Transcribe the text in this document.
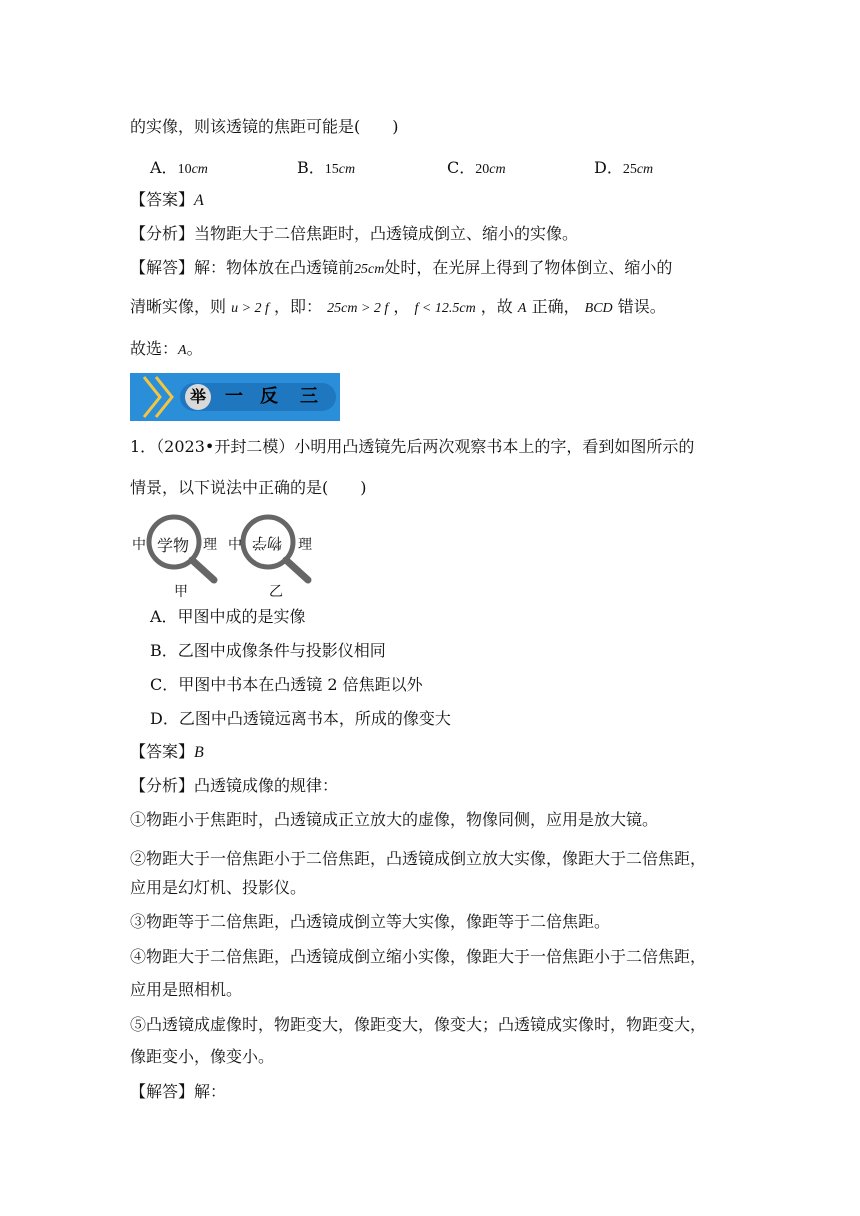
的实像，则该透镜的焦距可能是(　　)
A．10cm	B．15cm	C．20cm	D．25cm
【答案】A
【分析】当物距大于二倍焦距时，凸透镜成倒立、缩小的实像。
【解答】解：物体放在凸透镜前25cm处时，在光屏上得到了物体倒立、缩小的
清晰实像，则 u > 2 f ，即： 25cm > 2 f ， f < 12.5cm ，故 A 正确， BCD 错误。
故选：A。
举 一 反 三
1．（2023•开封二模）小明用凸透镜先后两次观察书本上的字，看到如图所示的
情景，以下说法中正确的是(　　)
中 学物 理 中 物学 理
甲	乙
A．甲图中成的是实像
B．乙图中成像条件与投影仪相同
C．甲图中书本在凸透镜 2 倍焦距以外
D．乙图中凸透镜远离书本，所成的像变大
【答案】B
【分析】凸透镜成像的规律：
①物距小于焦距时，凸透镜成正立放大的虚像，物像同侧，应用是放大镜。
②物距大于一倍焦距小于二倍焦距，凸透镜成倒立放大实像，像距大于二倍焦距，
应用是幻灯机、投影仪。
③物距等于二倍焦距，凸透镜成倒立等大实像，像距等于二倍焦距。
④物距大于二倍焦距，凸透镜成倒立缩小实像，像距大于一倍焦距小于二倍焦距，
应用是照相机。
⑤凸透镜成虚像时，物距变大，像距变大，像变大；凸透镜成实像时，物距变大，
像距变小，像变小。
【解答】解：
